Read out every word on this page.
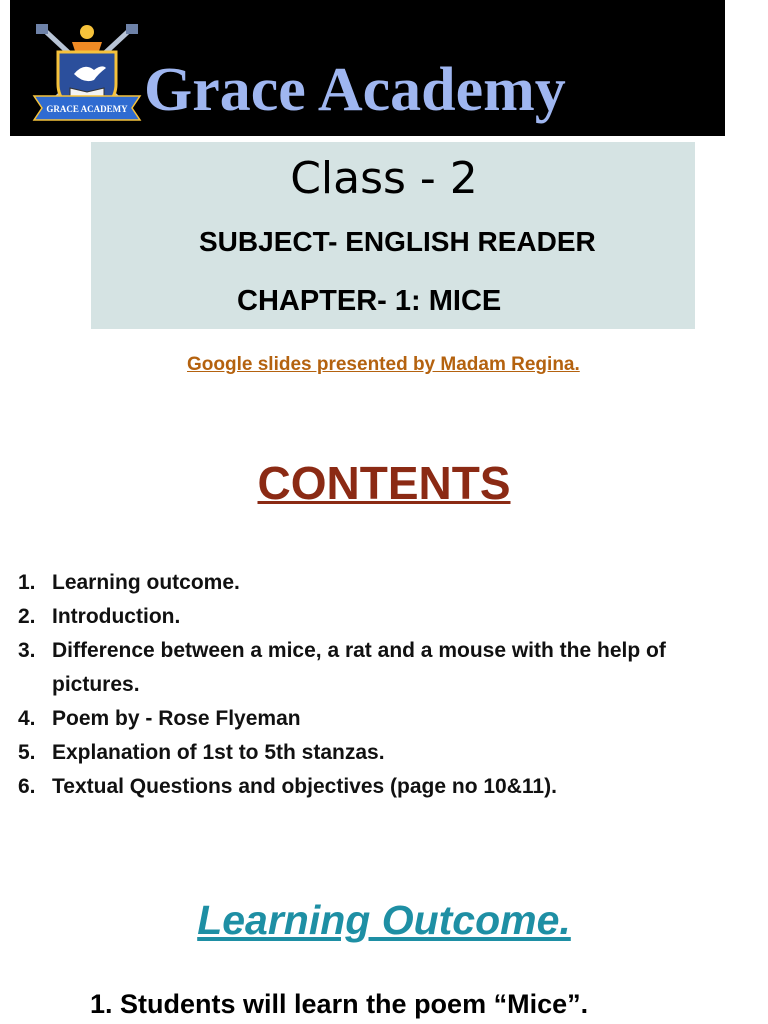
GRACE ACADEMY Grace Academy
Class - 2
SUBJECT- ENGLISH READER
CHAPTER- 1: MICE
Google slides presented by Madam Regina.
CONTENTS
1. Learning outcome.
2. Introduction.
3. Difference between a mice, a rat and a mouse with the help of pictures.
4. Poem by - Rose Flyeman
5. Explanation of 1st to 5th stanzas.
6. Textual Questions and objectives (page no 10&11).
Learning Outcome.
1. Students will learn the poem “Mice”.
